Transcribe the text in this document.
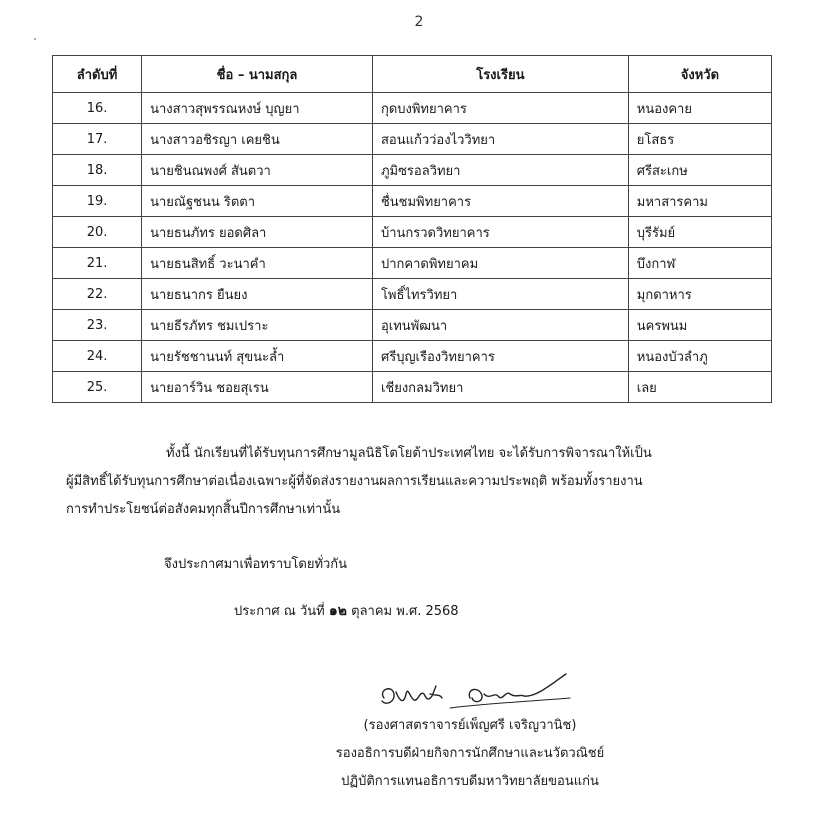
2
ลำดับที่	ชื่อ – นามสกุล	โรงเรียน	จังหวัด
16.	นางสาวสุพรรณหงษ์ บุญยา	กุดบงพิทยาคาร	หนองคาย
17.	นางสาวอชิรญา เคยชิน	สอนแก้วว่องไววิทยา	ยโสธร
18.	นายชินณพงศ์ สันตวา	ภูมิซรอลวิทยา	ศรีสะเกษ
19.	นายณัฐชนน ริตตา	ชื่นชมพิทยาคาร	มหาสารคาม
20.	นายธนภัทร ยอดศิลา	บ้านกรวดวิทยาคาร	บุรีรัมย์
21.	นายธนสิทธิ์ วะนาคำ	ปากคาดพิทยาคม	บึงกาฬ
22.	นายธนากร ยืนยง	โพธิ์ไทรวิทยา	มุกดาหาร
23.	นายธีรภัทร ชมเปราะ	อุเทนพัฒนา	นครพนม
24.	นายรัชชานนท์ สุขนะล้ำ	ศรีบุญเรืองวิทยาคาร	หนองบัวลำภู
25.	นายอาร์วิน ชอยสุเรน	เชียงกลมวิทยา	เลย
ทั้งนี้ นักเรียนที่ได้รับทุนการศึกษามูลนิธิโตโยต้าประเทศไทย จะได้รับการพิจารณาให้เป็น
ผู้มีสิทธิ์ได้รับทุนการศึกษาต่อเนื่องเฉพาะผู้ที่จัดส่งรายงานผลการเรียนและความประพฤติ พร้อมทั้งรายงาน
การทำประโยชน์ต่อสังคมทุกสิ้นปีการศึกษาเท่านั้น
จึงประกาศมาเพื่อทราบโดยทั่วกัน
ประกาศ ณ วันที่ ๑๒ ตุลาคม พ.ศ. 2568
(รองศาสตราจารย์เพ็ญศรี เจริญวานิช)
รองอธิการบดีฝ่ายกิจการนักศึกษาและนวัตวณิชย์
ปฏิบัติการแทนอธิการบดีมหาวิทยาลัยขอนแก่น
